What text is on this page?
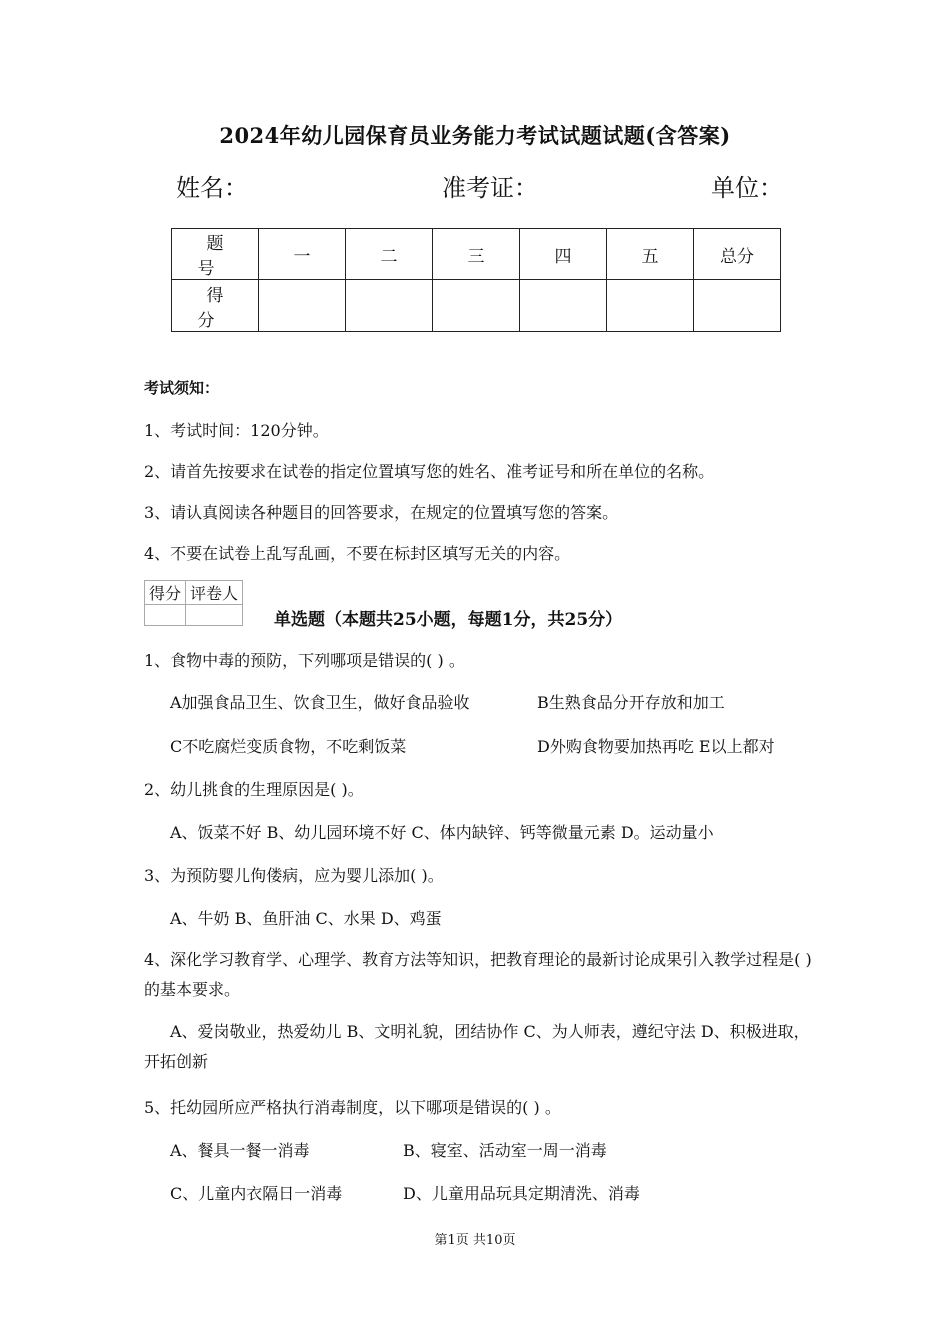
2024年幼儿园保育员业务能力考试试题试题(含答案)
姓名：	准考证：	单位：
题 号	一	二	三	四	五	总分
得 分						
考试须知：
1、考试时间：120分钟。
2、请首先按要求在试卷的指定位置填写您的姓名、准考证号和所在单位的名称。
3、请认真阅读各种题目的回答要求，在规定的位置填写您的答案。
4、不要在试卷上乱写乱画，不要在标封区填写无关的内容。
得分	评卷人

单选题（本题共25小题，每题1分，共25分）
1、食物中毒的预防，下列哪项是错误的( ) 。
A加强食品卫生、饮食卫生，做好食品验收	B生熟食品分开存放和加工
C不吃腐烂变质食物，不吃剩饭菜	D外购食物要加热再吃 E以上都对
2、幼儿挑食的生理原因是( )。
A、饭菜不好 B、幼儿园环境不好 C、体内缺锌、钙等微量元素 D。运动量小
3、为预防婴儿佝偻病，应为婴儿添加( )。
A、牛奶 B、鱼肝油 C、水果 D、鸡蛋
4、深化学习教育学、心理学、教育方法等知识，把教育理论的最新讨论成果引入教学过程是( )的基本要求。
A、爱岗敬业，热爱幼儿 B、文明礼貌，团结协作 C、为人师表，遵纪守法 D、积极进取，开拓创新
5、托幼园所应严格执行消毒制度，以下哪项是错误的( ) 。
A、餐具一餐一消毒	B、寝室、活动室一周一消毒
C、儿童内衣隔日一消毒	D、儿童用品玩具定期清洗、消毒
第1页 共10页
